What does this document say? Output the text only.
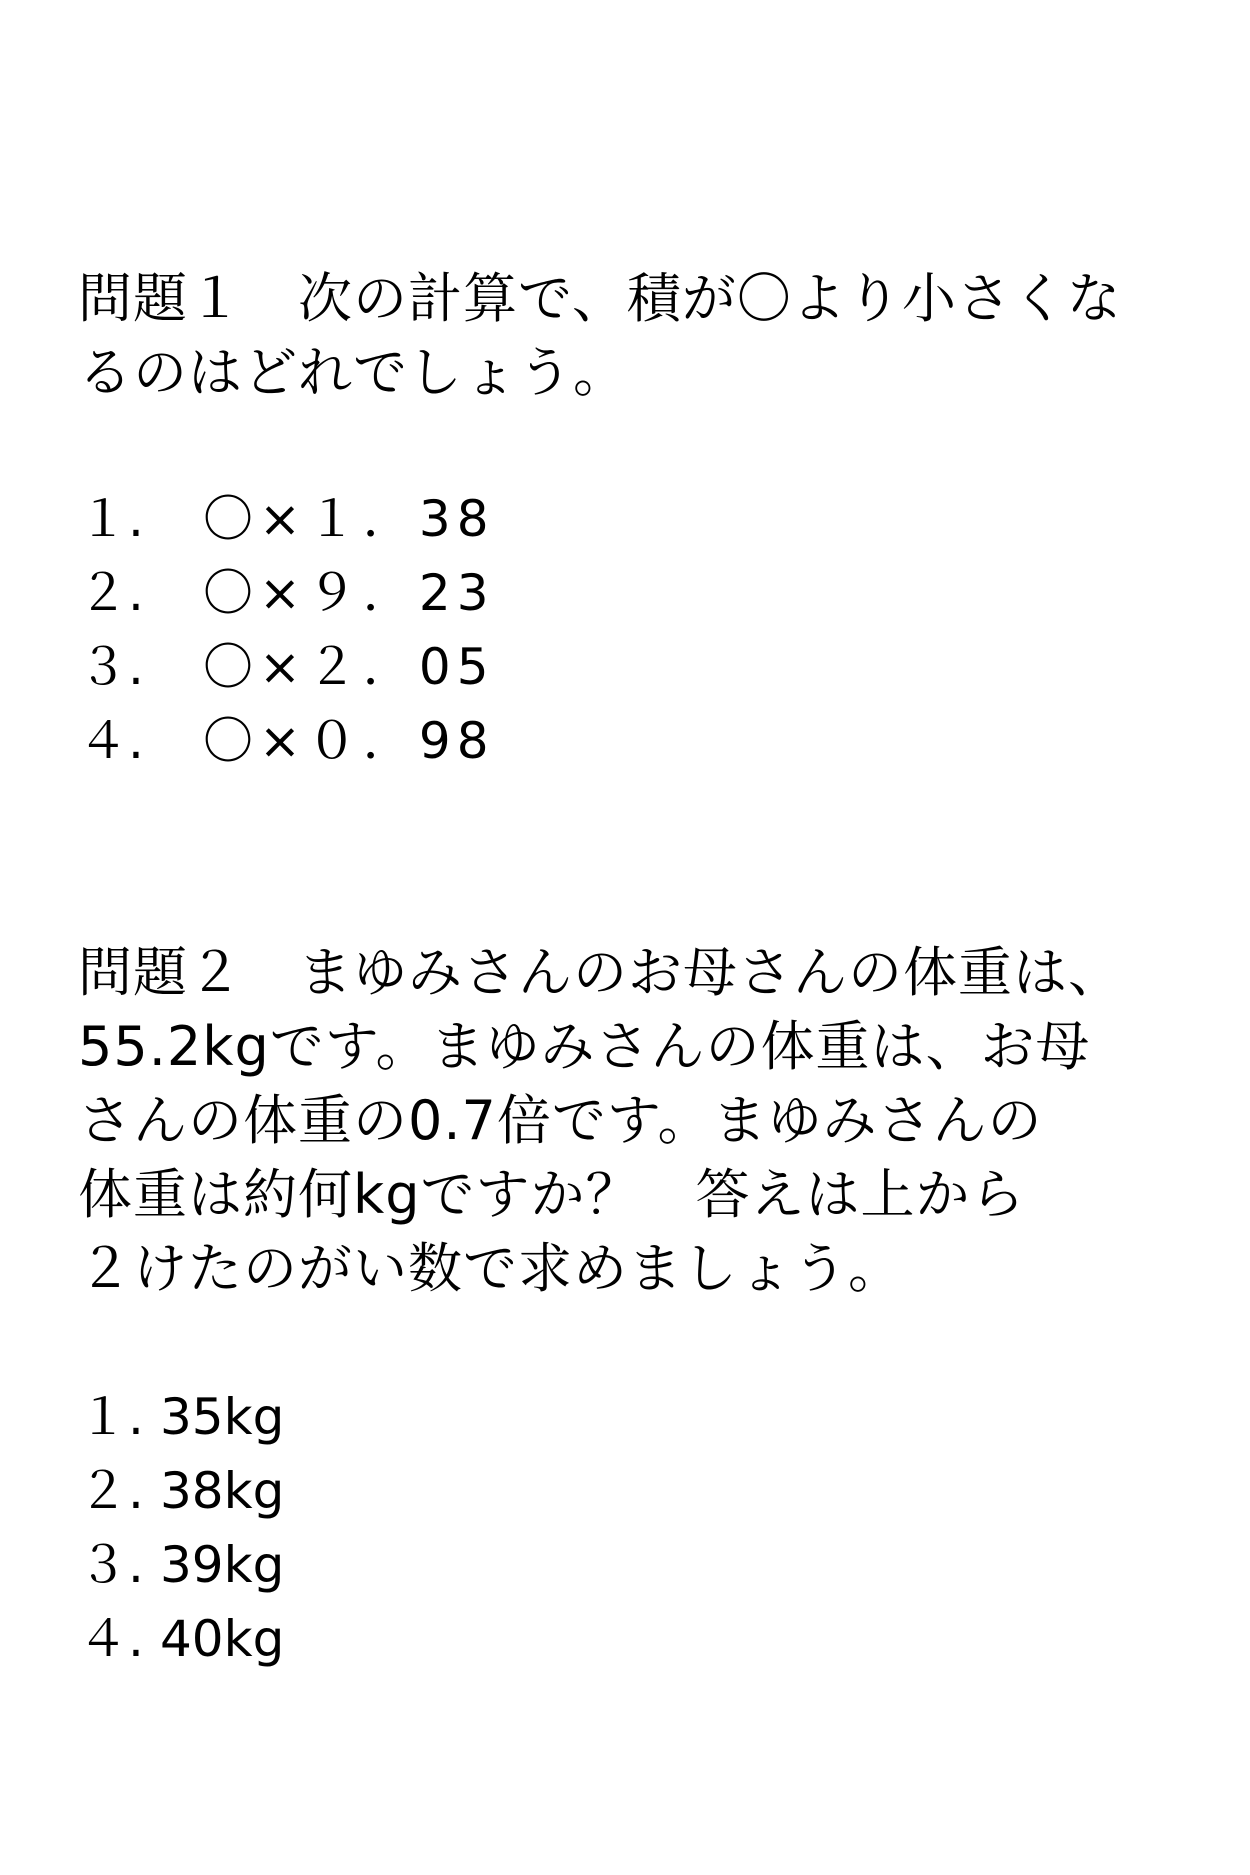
問題１　次の計算で、積が〇より小さくな
るのはどれでしょう。
１. 〇×１．38
２. 〇×９．23
３. 〇×２．05
４. 〇×０．98
問題２　まゆみさんのお母さんの体重は、
55.2kgです。まゆみさんの体重は、お母
さんの体重の0.7倍です。まゆみさんの
体重は約何kgですか？　答えは上から
２けたのがい数で求めましょう。
１. 35kg
２. 38kg
３. 39kg
４. 40kg
